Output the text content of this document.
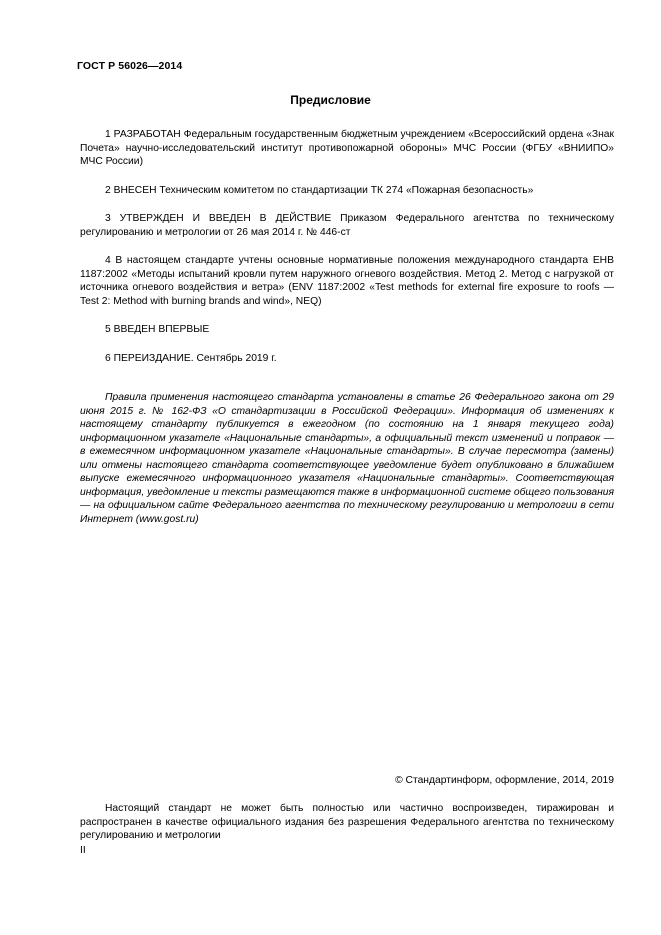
ГОСТ Р 56026—2014
Предисловие

1 РАЗРАБОТАН Федеральным государственным бюджетным учреждением «Всероссийский ордена «Знак Почета» научно-исследовательский институт противопожарной обороны» МЧС России (ФГБУ «ВНИИПО» МЧС России)

2 ВНЕСЕН Техническим комитетом по стандартизации ТК 274 «Пожарная безопасность»

3 УТВЕРЖДЕН И ВВЕДЕН В ДЕЙСТВИЕ Приказом Федерального агентства по техническому регулированию и метрологии от 26 мая 2014 г. № 446-ст

4 В настоящем стандарте учтены основные нормативные положения международного стандарта ЕНВ 1187:2002 «Методы испытаний кровли путем наружного огневого воздействия. Метод 2. Метод с нагрузкой от источника огневого воздействия и ветра» (ENV 1187:2002 «Test methods for external fire exposure to roofs — Test 2: Method with burning brands and wind», NEQ)

5 ВВЕДЕН ВПЕРВЫЕ

6 ПЕРЕИЗДАНИЕ. Сентябрь 2019 г.

Правила применения настоящего стандарта установлены в статье 26 Федерального закона от 29 июня 2015 г. № 162-ФЗ «О стандартизации в Российской Федерации». Информация об изменениях к настоящему стандарту публикуется в ежегодном (по состоянию на 1 января текущего года) информационном указателе «Национальные стандарты», а официальный текст изменений и поправок — в ежемесячном информационном указателе «Национальные стандарты». В случае пересмотра (замены) или отмены настоящего стандарта соответствующее уведомление будет опубликовано в ближайшем выпуске ежемесячного информационного указателя «Национальные стандарты». Соответствующая информация, уведомление и тексты размещаются также в информационной системе общего пользования — на официальном сайте Федерального агентства по техническому регулированию и метрологии в сети Интернет (www.gost.ru)

© Стандартинформ, оформление, 2014, 2019

Настоящий стандарт не может быть полностью или частично воспроизведен, тиражирован и распространен в качестве официального издания без разрешения Федерального агентства по техническому регулированию и метрологии

II
